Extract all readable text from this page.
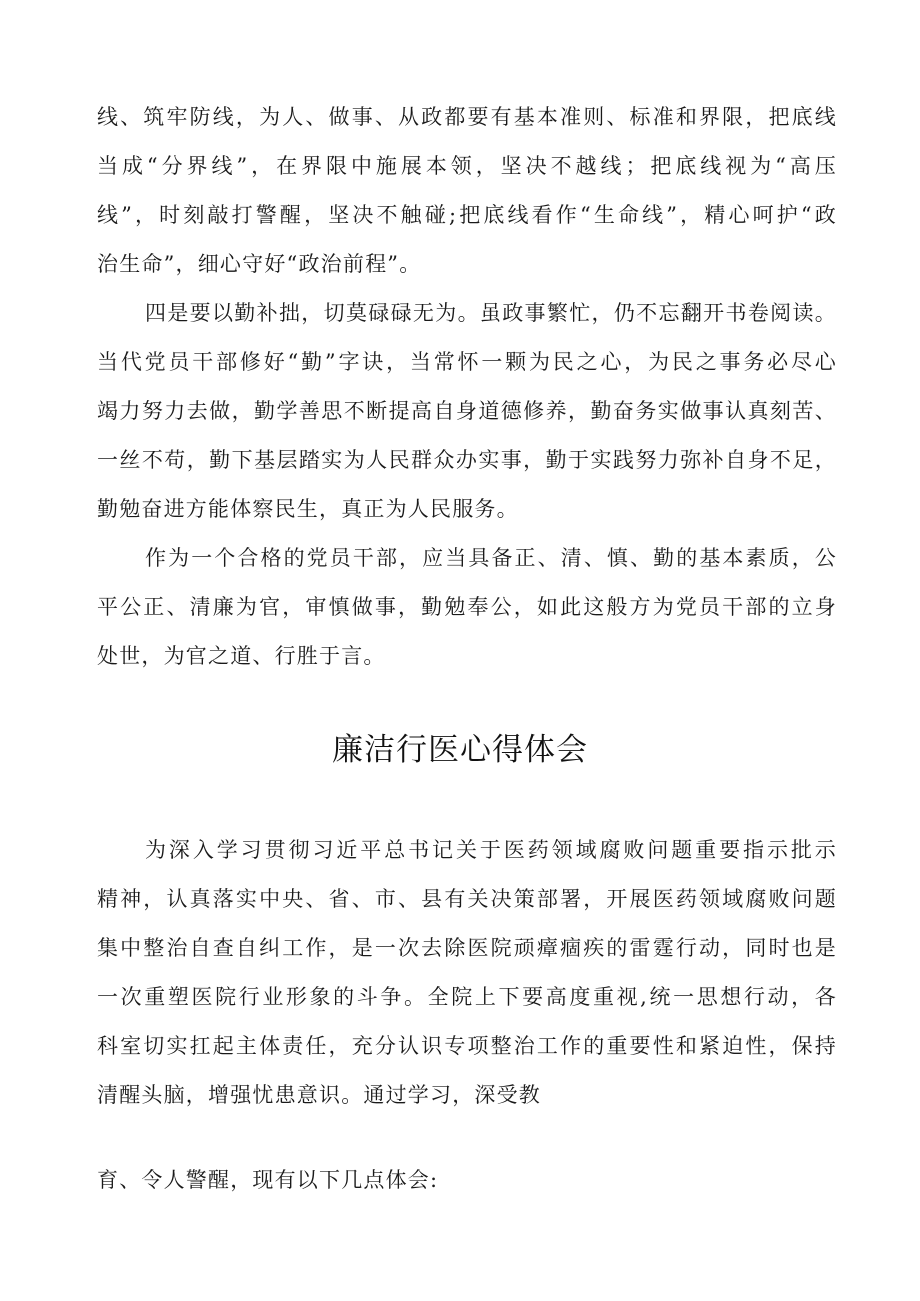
线、筑牢防线，为人、做事、从政都要有基本准则、标准和界限，把底线
当成“分界线”，在界限中施展本领，坚决不越线；把底线视为“高压
线”，时刻敲打警醒，坚决不触碰;把底线看作“生命线”，精心呵护“政
治生命”，细心守好“政治前程”。
四是要以勤补拙，切莫碌碌无为。虽政事繁忙，仍不忘翻开书卷阅读。
当代党员干部修好“勤”字诀，当常怀一颗为民之心，为民之事务必尽心
竭力努力去做，勤学善思不断提高自身道德修养，勤奋务实做事认真刻苦、
一丝不苟，勤下基层踏实为人民群众办实事，勤于实践努力弥补自身不足，
勤勉奋进方能体察民生，真正为人民服务。
作为一个合格的党员干部，应当具备正、清、慎、勤的基本素质，公
平公正、清廉为官，审慎做事，勤勉奉公，如此这般方为党员干部的立身
处世，为官之道、行胜于言。
廉洁行医心得体会
为深入学习贯彻习近平总书记关于医药领域腐败问题重要指示批示
精神，认真落实中央、省、市、县有关决策部署，开展医药领域腐败问题
集中整治自查自纠工作，是一次去除医院顽瘴痼疾的雷霆行动，同时也是
一次重塑医院行业形象的斗争。全院上下要高度重视,统一思想行动，各
科室切实扛起主体责任，充分认识专项整治工作的重要性和紧迫性，保持
清醒头脑，增强忧患意识。通过学习，深受教
育、令人警醒，现有以下几点体会:
